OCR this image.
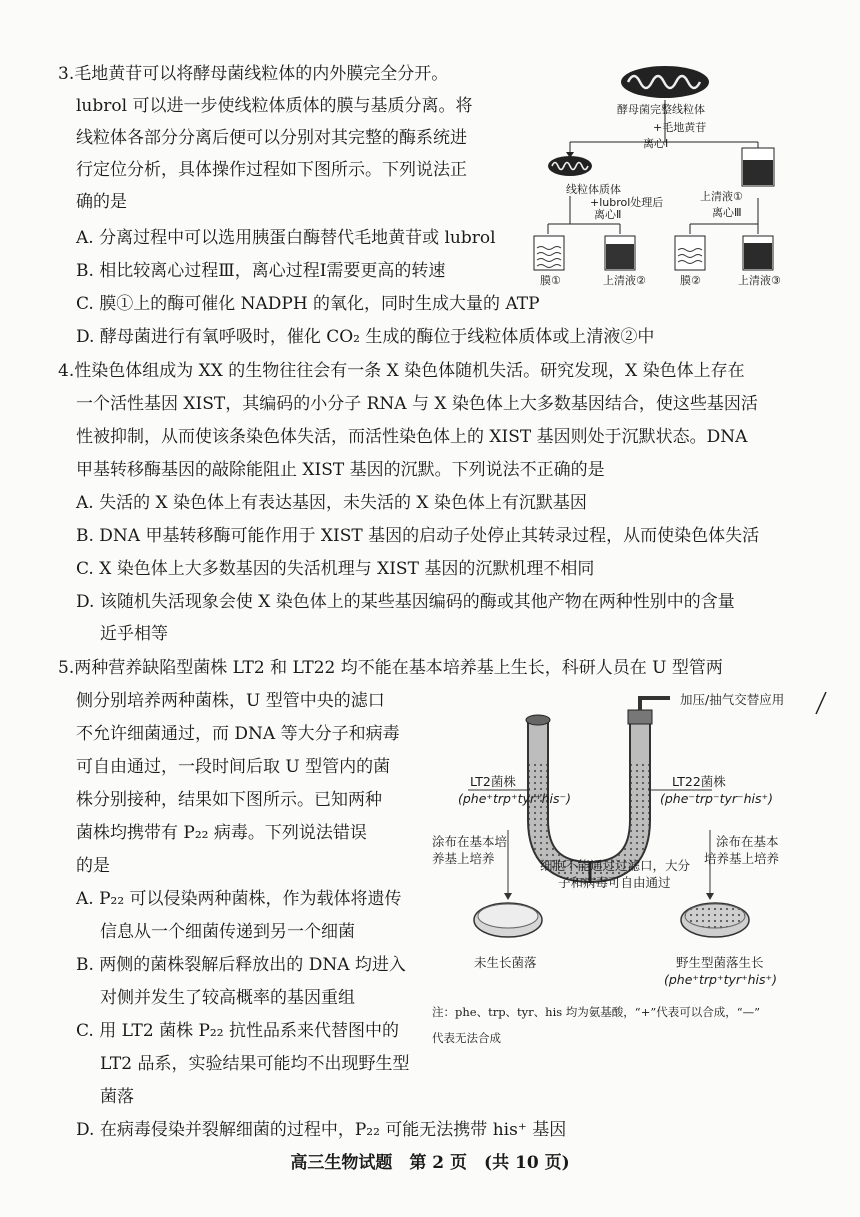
3.毛地黄苷可以将酵母菌线粒体的内外膜完全分开。
lubrol 可以进一步使线粒体质体的膜与基质分离。将
线粒体各部分分离后便可以分别对其完整的酶系统进
行定位分析，具体操作过程如下图所示。下列说法正
确的是
A. 分离过程中可以选用胰蛋白酶替代毛地黄苷或 lubrol
B. 相比较离心过程Ⅲ，离心过程Ⅰ需要更高的转速
C. 膜①上的酶可催化 NADPH 的氧化，同时生成大量的 ATP
D. 酵母菌进行有氧呼吸时，催化 CO₂ 生成的酶位于线粒体质体或上清液②中
酵母菌完整线粒体
+毛地黄苷
离心Ⅰ
线粒体质体
+lubrol处理后
离心Ⅱ
上清液①
离心Ⅲ
膜①	上清液②	膜②	上清液③
4.性染色体组成为 XX 的生物往往会有一条 X 染色体随机失活。研究发现，X 染色体上存在
一个活性基因 XIST，其编码的小分子 RNA 与 X 染色体上大多数基因结合，使这些基因活
性被抑制，从而使该条染色体失活，而活性染色体上的 XIST 基因则处于沉默状态。DNA
甲基转移酶基因的敲除能阻止 XIST 基因的沉默。下列说法不正确的是
A. 失活的 X 染色体上有表达基因，未失活的 X 染色体上有沉默基因
B. DNA 甲基转移酶可能作用于 XIST 基因的启动子处停止其转录过程，从而使染色体失活
C. X 染色体上大多数基因的失活机理与 XIST 基因的沉默机理不相同
D. 该随机失活现象会使 X 染色体上的某些基因编码的酶或其他产物在两种性别中的含量
近乎相等
5.两种营养缺陷型菌株 LT2 和 LT22 均不能在基本培养基上生长，科研人员在 U 型管两
侧分别培养两种菌株，U 型管中央的滤口
不允许细菌通过，而 DNA 等大分子和病毒
可自由通过，一段时间后取 U 型管内的菌
株分别接种，结果如下图所示。已知两种
菌株均携带有 P₂₂ 病毒。下列说法错误
的是
A. P₂₂ 可以侵染两种菌株，作为载体将遗传
信息从一个细菌传递到另一个细菌
B. 两侧的菌株裂解后释放出的 DNA 均进入
对侧并发生了较高概率的基因重组
C. 用 LT2 菌株 P₂₂ 抗性品系来代替图中的
LT2 品系，实验结果可能均不出现野生型
菌落
D. 在病毒侵染并裂解细菌的过程中，P₂₂ 可能无法携带 his⁺ 基因
加压/抽气交替应用
LT2菌株
(phe⁺trp⁺tyr⁺his⁻)
LT22菌株
(phe⁻trp⁻tyr⁻his⁺)
涂布在基本培
养基上培养
涂布在基本
培养基上培养
细胞不能通过过滤口，大分
子和病毒可自由通过
未生长菌落	野生型菌落生长
(phe⁺trp⁺tyr⁺his⁺)
注：phe、trp、tyr、his 均为氨基酸，“+”代表可以合成，“—”
代表无法合成
高三生物试题　第 2 页　(共 10 页)
